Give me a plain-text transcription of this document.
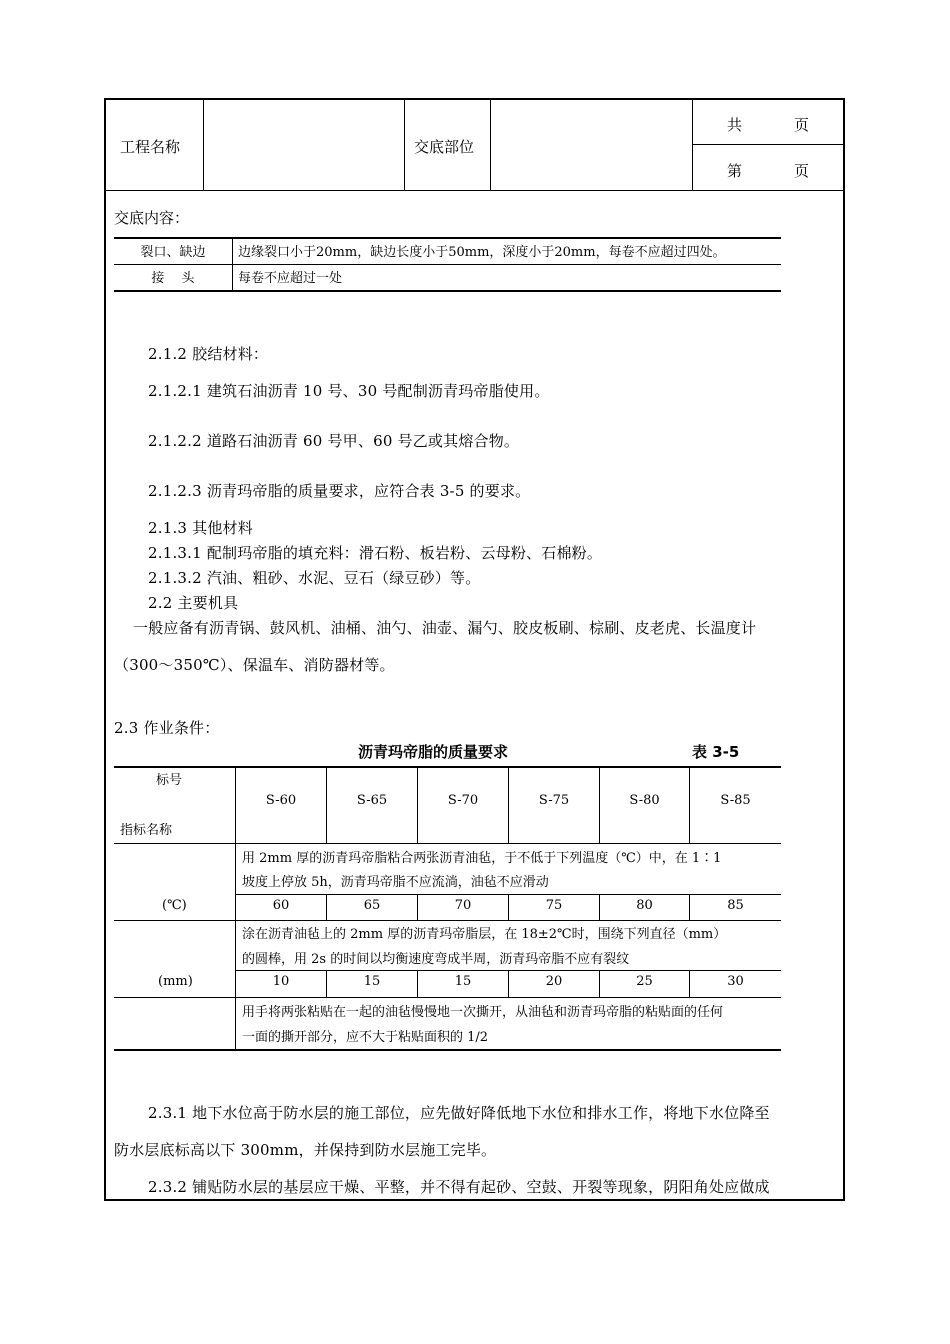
工程名称	交底部位
共	页
第	页
交底内容：
裂口、缺边	边缘裂口小于20mm，缺边长度小于50mm，深度小于20mm，每卷不应超过四处。
接　 头	每卷不应超过一处
2.1.2 胶结材料：
2.1.2.1 建筑石油沥青 10 号、30 号配制沥青玛帝脂使用。
2.1.2.2 道路石油沥青 60 号甲、60 号乙或其熔合物。
2.1.2.3 沥青玛帝脂的质量要求，应符合表 3-5 的要求。
2.1.3 其他材料
2.1.3.1 配制玛帝脂的填充料：滑石粉、板岩粉、云母粉、石棉粉。
2.1.3.2 汽油、粗砂、水泥、豆石（绿豆砂）等。
2.2 主要机具
一般应备有沥青锅、鼓风机、油桶、油勺、油壶、漏勺、胶皮板刷、棕刷、皮老虎、长温度计
（300～350℃）、保温车、消防器材等。
2.3 作业条件：
沥青玛帝脂的质量要求	表 3-5
标号
指标名称
S-60	S-65	S-70	S-75	S-80	S-85
用 2mm 厚的沥青玛帝脂粘合两张沥青油毡，于不低于下列温度（℃）中，在 1∶1
坡度上停放 5h，沥青玛帝脂不应流淌，油毡不应滑动
(℃)	60	65	70	75	80	85
涂在沥青油毡上的 2mm 厚的沥青玛帝脂层，在 18±2℃时，围绕下列直径（mm）
的圆棒，用 2s 的时间以均衡速度弯成半周，沥青玛帝脂不应有裂纹
(mm)	10	15	15	20	25	30
用手将两张粘贴在一起的油毡慢慢地一次撕开，从油毡和沥青玛帝脂的粘贴面的任何
一面的撕开部分，应不大于粘贴面积的 1/2
2.3.1 地下水位高于防水层的施工部位，应先做好降低地下水位和排水工作，将地下水位降至
防水层底标高以下 300mm，并保持到防水层施工完毕。
2.3.2 铺贴防水层的基层应干燥、平整，并不得有起砂、空鼓、开裂等现象，阴阳角处应做成
